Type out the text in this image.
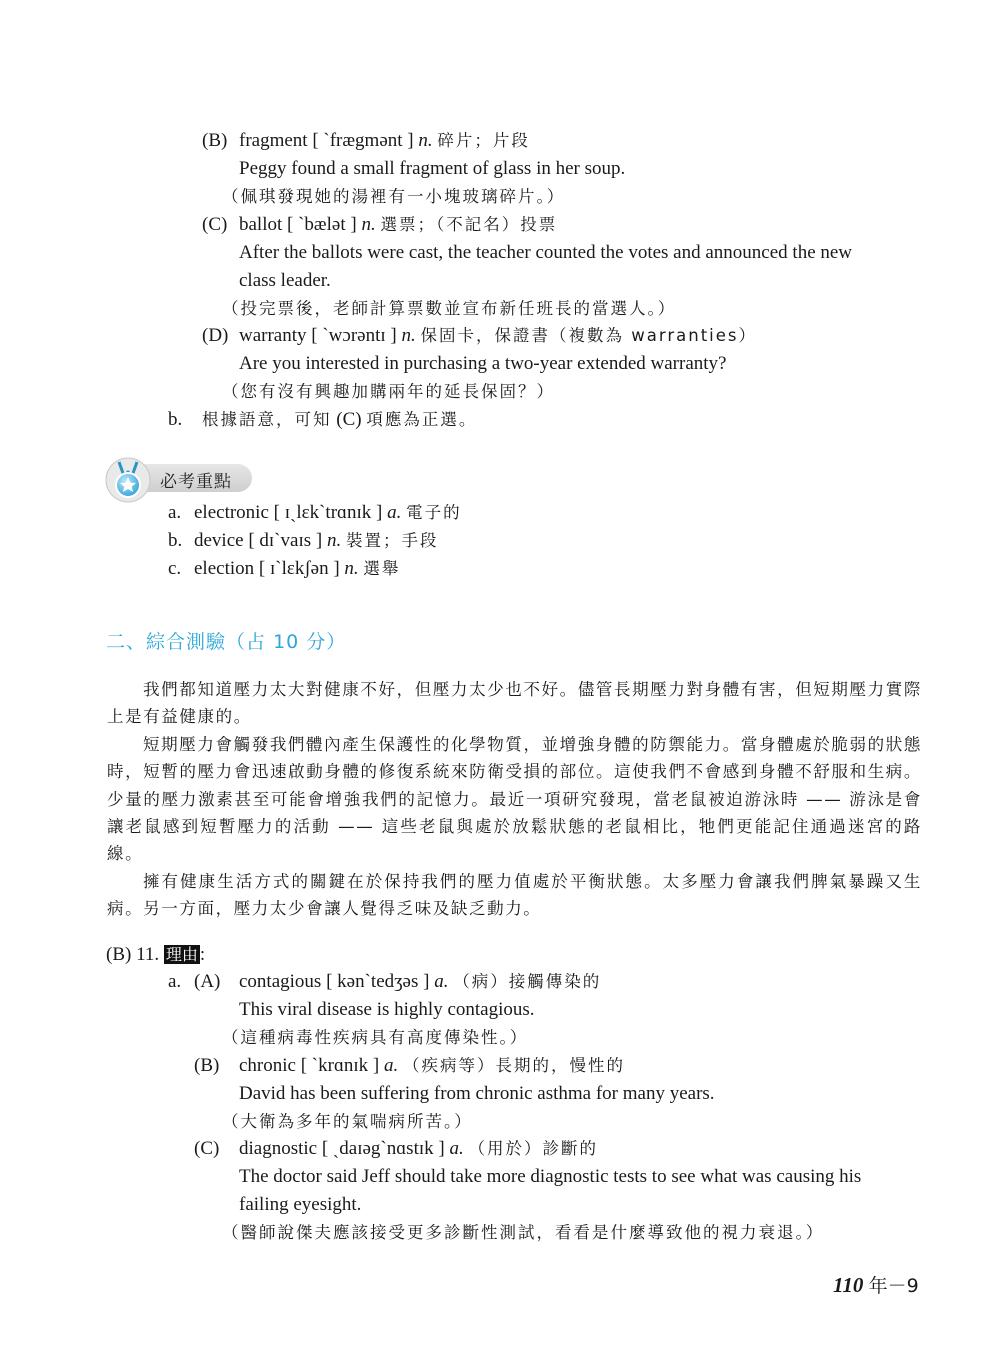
(B) fragment [ ˋfrægmənt ] n. 碎片；片段
Peggy found a small fragment of glass in her soup.
（佩琪發現她的湯裡有一小塊玻璃碎片。）
(C) ballot [ ˋbælət ] n. 選票；（不記名）投票
After the ballots were cast, the teacher counted the votes and announced the new
class leader.
（投完票後，老師計算票數並宣布新任班長的當選人。）
(D) warranty [ ˋwɔrəntɪ ] n. 保固卡，保證書（複數為 warranties）
Are you interested in purchasing a two-year extended warranty?
（您有沒有興趣加購兩年的延長保固？）
b. 根據語意，可知 (C) 項應為正選。
必考重點
a. electronic [ ɪˏlɛkˋtrɑnɪk ] a. 電子的
b. device [ dɪˋvaɪs ] n. 裝置；手段
c. election [ ɪˋlɛkʃən ] n. 選舉
二、綜合測驗（占 10 分）

我們都知道壓力太大對健康不好，但壓力太少也不好。儘管長期壓力對身體有害，但短期壓力實際上是有益健康的。

短期壓力會觸發我們體內產生保護性的化學物質，並增強身體的防禦能力。當身體處於脆弱的狀態時，短暫的壓力會迅速啟動身體的修復系統來防衛受損的部位。這使我們不會感到身體不舒服和生病。少量的壓力激素甚至可能會增強我們的記憶力。最近一項研究發現，當老鼠被迫游泳時 —— 游泳是會讓老鼠感到短暫壓力的活動 —— 這些老鼠與處於放鬆狀態的老鼠相比，牠們更能記住通過迷宮的路線。

擁有健康生活方式的關鍵在於保持我們的壓力值處於平衡狀態。太多壓力會讓我們脾氣暴躁又生病。另一方面，壓力太少會讓人覺得乏味及缺乏動力。

(B) 11. 理由 :
a. (A) contagious [ kənˋtedʒəs ] a. （病）接觸傳染的
This viral disease is highly contagious.
（這種病毒性疾病具有高度傳染性。）
(B) chronic [ ˋkrɑnɪk ] a. （疾病等）長期的，慢性的
David has been suffering from chronic asthma for many years.
（大衛為多年的氣喘病所苦。）
(C) diagnostic [ ˏdaɪəgˋnɑstɪk ] a. （用於）診斷的
The doctor said Jeff should take more diagnostic tests to see what was causing his
failing eyesight.
（醫師說傑夫應該接受更多診斷性測試，看看是什麼導致他的視力衰退。）
110 年－9
